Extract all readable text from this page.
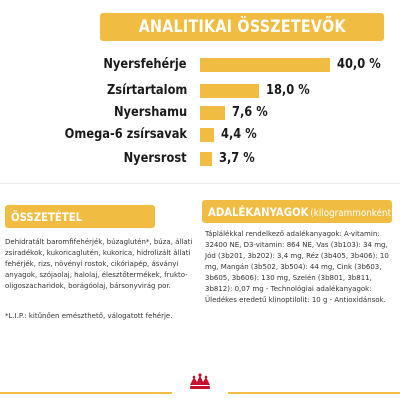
ANALITIKAI ÖSSZETEVŐK
Nyersfehérje	40,0 %
Zsírtartalom	18,0 %
Nyershamu	7,6 %
Omega-6 zsírsavak	4,4 %
Nyersrost 3,7 %
ÖSSZETÉTEL
Dehidratált baromfifehérjék, búzaglutén*, búza, állati zsiradékok, kukoricaglutén, kukorica, hidrolizált állati fehérjék, rizs, növényi rostok, cikóriapép, ásványi anyagok, szójaolaj, halolaj, élesztőtermékek, frukto-oligoszacharidok, borágóolaj, bársonyvirág por.
*L.I.P.: kitűnően emészthető, válogatott fehérje.
ADALÉKANYAGOK (kilogrammonként)
Táplálékkal rendelkező adalékanyagok: A-vitamin: 32400 NE, D3-vitamin: 864 NE, Vas (3b103): 34 mg, Jód (3b201, 3b202): 3,4 mg, Réz (3b405, 3b406): 10 mg, Mangán (3b502, 3b504): 44 mg, Cink (3b603, 3b605, 3b606): 130 mg, Szelén (3b801, 3b811, 3b812): 0,07 mg - Technológiai adalékanyagok: Üledékes eredetű klinoptilolit: 10 g - Antioxidánsok.
